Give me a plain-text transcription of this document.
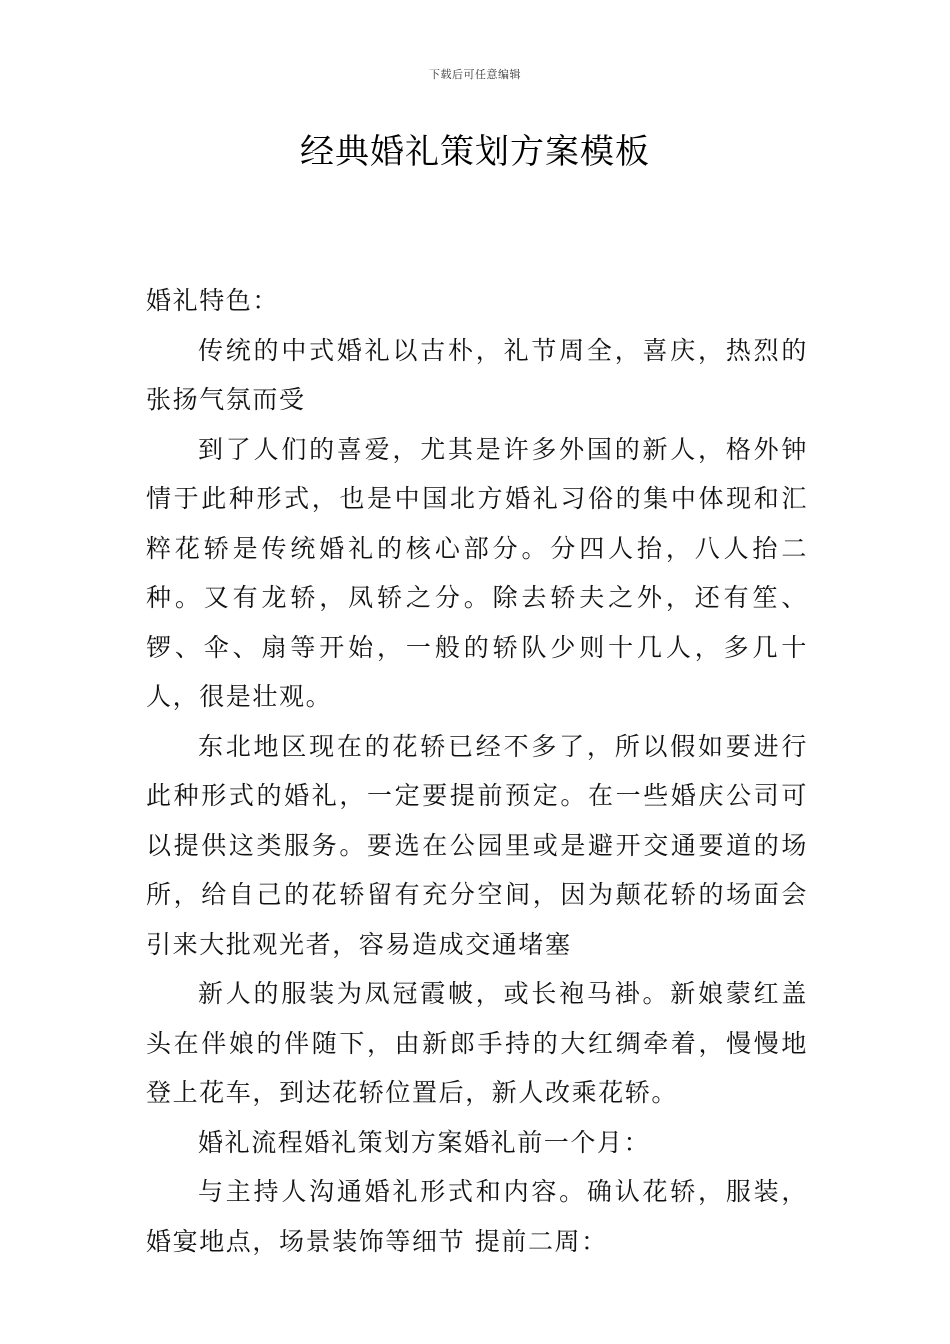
下载后可任意编辑
经典婚礼策划方案模板

婚礼特色：

传统的中式婚礼以古朴，礼节周全，喜庆，热烈的张扬气氛而受

到了人们的喜爱，尤其是许多外国的新人，格外钟情于此种形式，也是中国北方婚礼习俗的集中体现和汇粹花轿是传统婚礼的核心部分。分四人抬，八人抬二种。又有龙轿，凤轿之分。除去轿夫之外，还有笙、锣、伞、扇等开始，一般的轿队少则十几人，多几十人，很是壮观。

东北地区现在的花轿已经不多了，所以假如要进行此种形式的婚礼，一定要提前预定。在一些婚庆公司可以提供这类服务。要选在公园里或是避开交通要道的场所，给自己的花轿留有充分空间，因为颠花轿的场面会引来大批观光者，容易造成交通堵塞

新人的服装为凤冠霞帔，或长袍马褂。新娘蒙红盖头在伴娘的伴随下，由新郎手持的大红绸牵着，慢慢地登上花车，到达花轿位置后，新人改乘花轿。

婚礼流程婚礼策划方案婚礼前一个月：

与主持人沟通婚礼形式和内容。确认花轿，服装，婚宴地点，场景装饰等细节 提前二周：
